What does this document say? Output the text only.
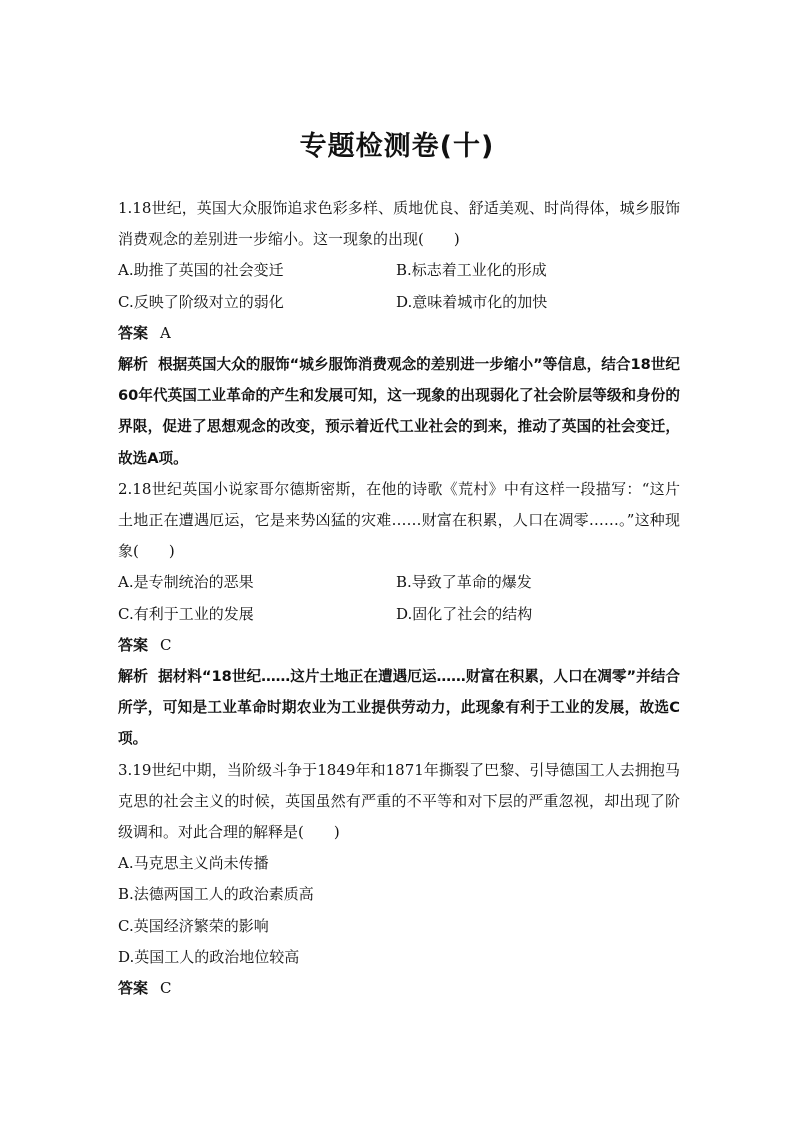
专题检测卷(十)

1.18世纪，英国大众服饰追求色彩多样、质地优良、舒适美观、时尚得体，城乡服饰消费观念的差别进一步缩小。这一现象的出现(　　)

A.助推了英国的社会变迁	B.标志着工业化的形成
C.反映了阶级对立的弱化	D.意味着城市化的加快

答案 A

解析 根据英国大众的服饰“城乡服饰消费观念的差别进一步缩小”等信息，结合18世纪60年代英国工业革命的产生和发展可知，这一现象的出现弱化了社会阶层等级和身份的界限，促进了思想观念的改变，预示着近代工业社会的到来，推动了英国的社会变迁，故选A项。

2.18世纪英国小说家哥尔德斯密斯，在他的诗歌《荒村》中有这样一段描写：“这片土地正在遭遇厄运，它是来势凶猛的灾难……财富在积累，人口在凋零……。”这种现象(　　)

A.是专制统治的恶果	B.导致了革命的爆发
C.有利于工业的发展	D.固化了社会的结构

答案 C

解析 据材料“18世纪……这片土地正在遭遇厄运……财富在积累，人口在凋零”并结合所学，可知是工业革命时期农业为工业提供劳动力，此现象有利于工业的发展，故选C项。

3.19世纪中期，当阶级斗争于1849年和1871年撕裂了巴黎、引导德国工人去拥抱马克思的社会主义的时候，英国虽然有严重的不平等和对下层的严重忽视，却出现了阶级调和。对此合理的解释是(　　)

A.马克思主义尚未传播
B.法德两国工人的政治素质高
C.英国经济繁荣的影响
D.英国工人的政治地位较高

答案 C
